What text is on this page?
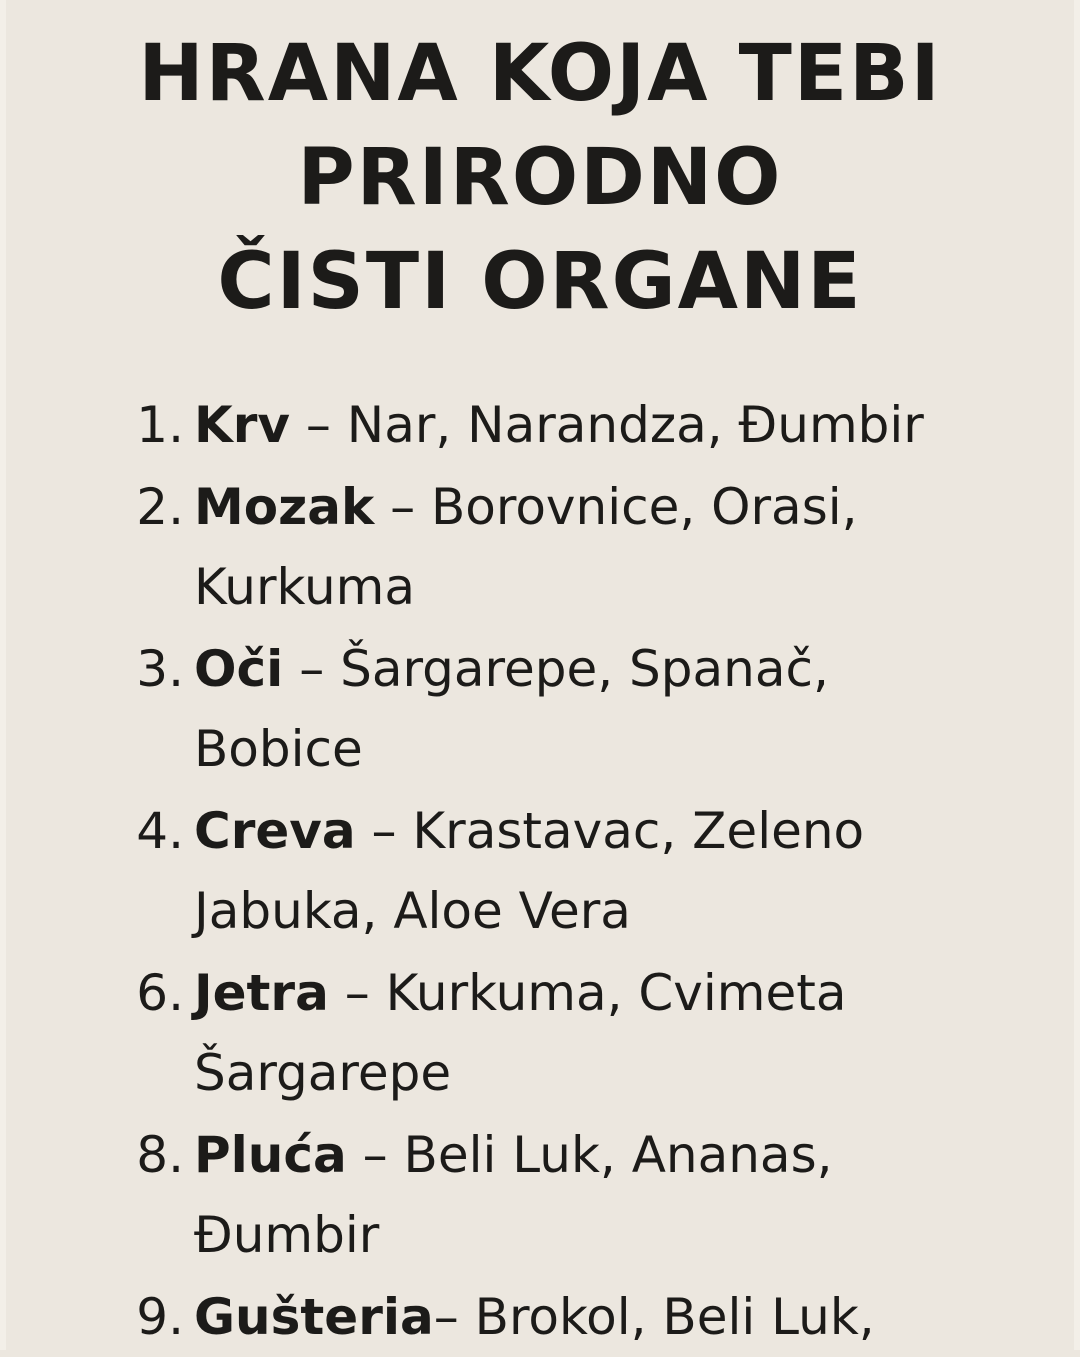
HRANA KOJA TEBI
PRIRODNO
ČISTI ORGANE
1. Krv – Nar, Narandza, Đumbir
2. Mozak – Borovnice, Orasi,
Kurkuma
3. Oči – Šargarepe, Spanač,
Bobice
4. Creva – Krastavac, Zeleno
Jabuka, Aloe Vera
6. Jetra – Kurkuma, Cvimeta
Šargarepe
8. Pluća – Beli Luk, Ananas,
Đumbir
9. Gušteria– Brokol, Beli Luk,
